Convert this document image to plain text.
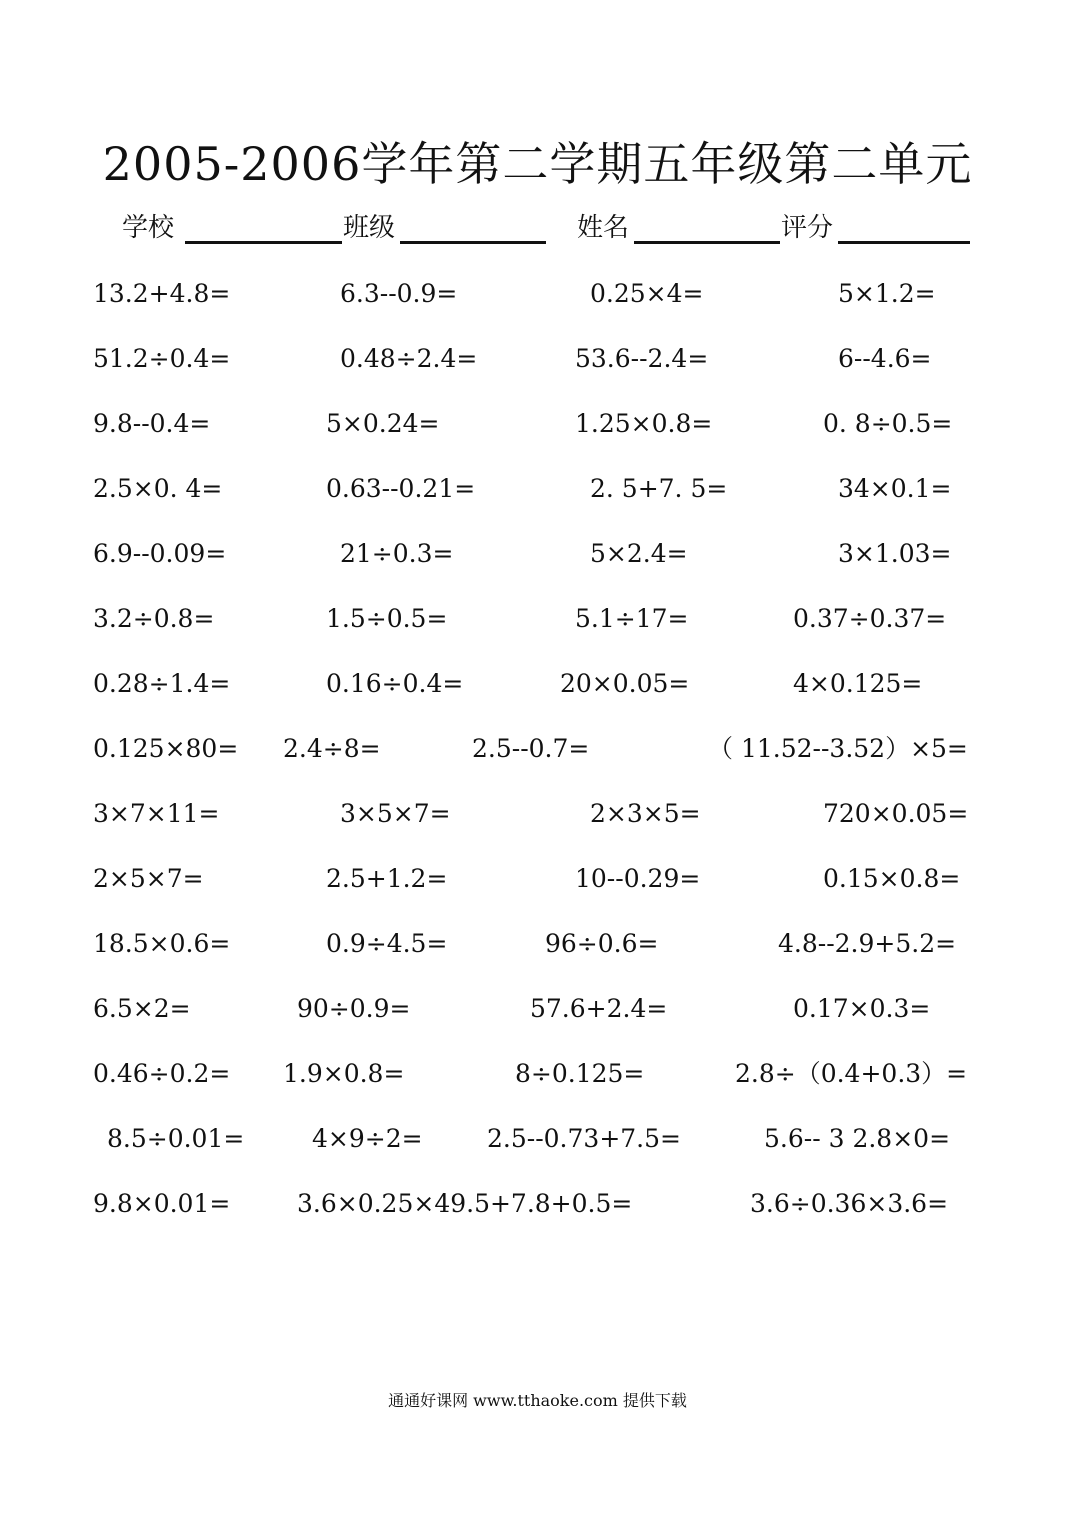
2005-2006学年第二学期五年级第二单元
学校	班级	姓名	评分
13.2+4.8=	6.3--0.9=	0.25×4=	5×1.2=
51.2÷0.4=	0.48÷2.4=	53.6--2.4=	6--4.6=
9.8--0.4=	5×0.24=	1.25×0.8=	0. 8÷0.5=
2.5×0. 4=	0.63--0.21=	2. 5+7. 5=	34×0.1=
6.9--0.09=	21÷0.3=	5×2.4=	3×1.03=
3.2÷0.8=	1.5÷0.5=	5.1÷17=	0.37÷0.37=
0.28÷1.4=	0.16÷0.4=	20×0.05=	4×0.125=
0.125×80= 2.4÷8=	2.5--0.7=	（ 11.52--3.52）×5=
3×7×11=	3×5×7=	2×3×5=	720×0.05=
2×5×7=	2.5+1.2=	10--0.29=	0.15×0.8=
18.5×0.6=	0.9÷4.5=	96÷0.6=	4.8--2.9+5.2=
6.5×2=	90÷0.9=	57.6+2.4=	0.17×0.3=
0.46÷0.2= 1.9×0.8=	8÷0.125=	2.8÷（0.4+0.3）=
8.5÷0.01=	4×9÷2=	2.5--0.73+7.5=	5.6-- 3 2.8×0=
9.8×0.01=	3.6×0.25×49.5+7.8+0.5=	3.6÷0.36×3.6=
通通好课网 www.tthaoke.com 提供下载
